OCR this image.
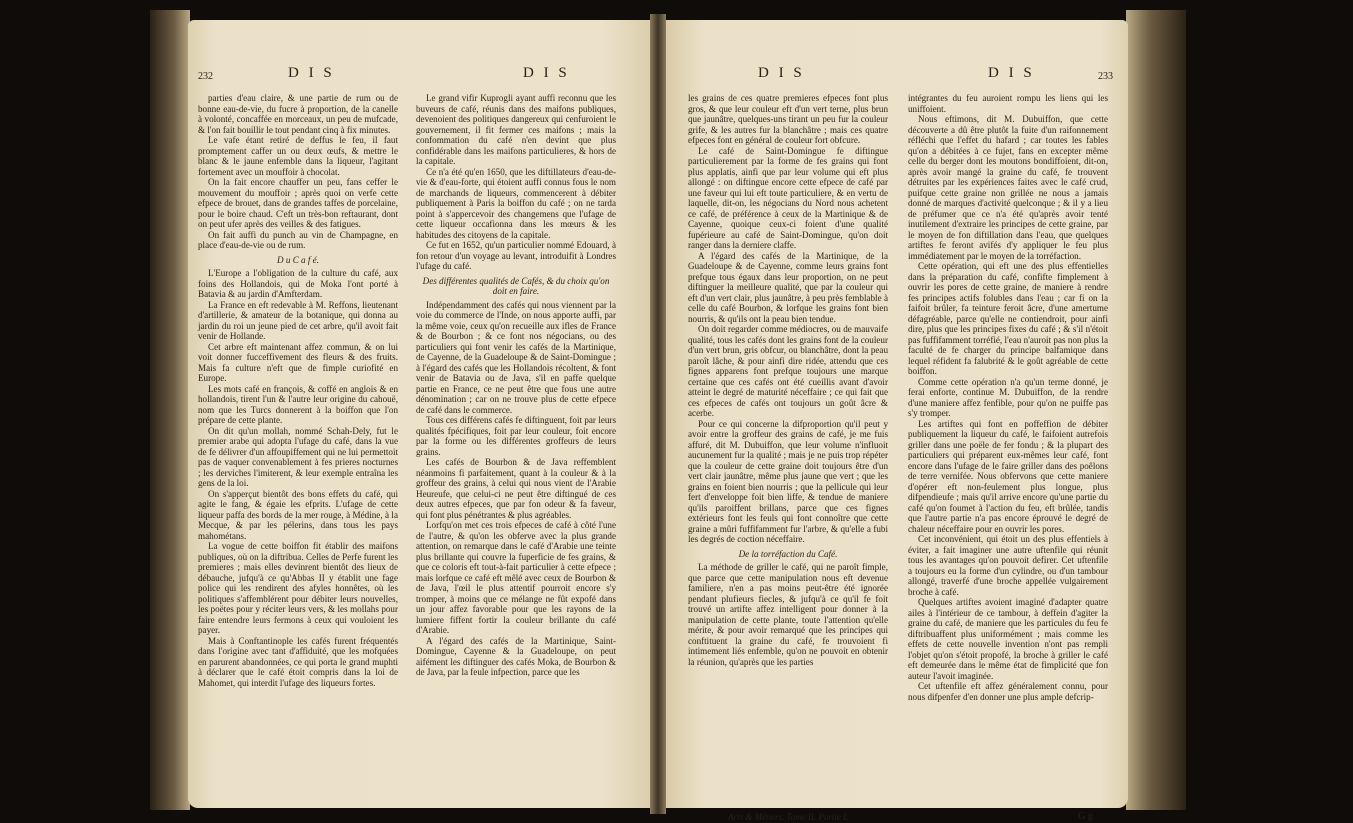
232	D I S	D I S

parties d'eau claire, & une partie de rum ou de bonne eau-de-vie, du fucre à proportion, de la canelle à volonté, concaffée en morceaux, un peu de mufcade, & l'on fait bouillir le tout pendant cinq à fix minutes.

Le vafe étant retiré de deffus le feu, il faut promptement caffer un ou deux œufs, & mettre le blanc & le jaune enfemble dans la liqueur, l'agitant fortement avec un mouffoir à chocolat.

On la fait encore chauffer un peu, fans ceffer le mouvement du mouffoir ; après quoi on verfe cette efpece de brouet, dans de grandes taffes de porcelaine, pour le boire chaud. C'eft un très-bon reftaurant, dont on peut ufer après des veilles & des fatigues.

On fait auffi du punch au vin de Champagne, en place d'eau-de-vie ou de rum.

D u C a f é.

L'Europe a l'obligation de la culture du café, aux foins des Hollandois, qui de Moka l'ont porté à Batavia & au jardin d'Amfterdam.

La France en eft redevable à M. Reffons, lieutenant d'artillerie, & amateur de la botanique, qui donna au jardin du roi un jeune pied de cet arbre, qu'il avoit fait venir de Hollande.

Cet arbre eft maintenant affez commun, & on lui voit donner fucceffivement des fleurs & des fruits. Mais fa culture n'eft que de fimple curiofité en Europe.

Les mots café en françois, & coffé en anglois & en hollandois, tirent l'un & l'autre leur origine du cahouë, nom que les Turcs donnerent à la boiffon que l'on prépare de cette plante.

On dit qu'un mollah, nommé Schah-Dely, fut le premier arabe qui adopta l'ufage du café, dans la vue de fe délivrer d'un affoupiffement qui ne lui permettoit pas de vaquer convenablement à fes prieres nocturnes ; les derviches l'imiterent, & leur exemple entraîna les gens de la loi.

On s'apperçut bientôt des bons effets du café, qui agite le fang, & égaie les efprits. L'ufage de cette liqueur paffa des bords de la mer rouge, à Médine, à la Mecque, & par les pélerins, dans tous les pays mahométans.

La vogue de cette boiffon fit établir des maifons publiques, où on la diftribua. Celles de Perfe furent les premieres ; mais elles devinrent bientôt des lieux de débauche, jufqu'à ce qu'Abbas II y établit une fage police qui les rendirent des afyles honnêtes, où les politiques s'affemblérent pour débiter leurs nouvelles, les poëtes pour y réciter leurs vers, & les mollahs pour faire entendre leurs fermons à ceux qui vouloient les payer.

Mais à Conftantinople les cafés furent fréquentés dans l'origine avec tant d'affiduité, que les mofquées en parurent abandonnées, ce qui porta le grand muphti à déclarer que le café étoit compris dans la loi de Mahomet, qui interdit l'ufage des liqueurs fortes.

Le grand vifir Kuprogli ayant auffi reconnu que les buveurs de café, réunis dans des maifons publiques, devenoient des politiques dangereux qui cenfuroient le gouvernement, il fit fermer ces maifons ; mais la confommation du café n'en devint que plus confidérable dans les maifons particulieres, & hors de la capitale.

Ce n'a été qu'en 1650, que les diftillateurs d'eau-de-vie & d'eau-forte, qui étoient auffi connus fous le nom de marchands de liqueurs, commencerent à débiter publiquement à Paris la boiffon du café ; on ne tarda point à s'appercevoir des changemens que l'ufage de cette liqueur occafionna dans les mœurs & les habitudes des citoyens de la capitale.

Ce fut en 1652, qu'un particulier nommé Edouard, à fon retour d'un voyage au levant, introduifit à Londres l'ufage du café.

Des différentes qualités de Cafés, & du choix qu'on doit en faire.

Indépendamment des cafés qui nous viennent par la voie du commerce de l'Inde, on nous apporte auffi, par la même voie, ceux qu'on recueille aux ifles de France & de Bourbon ; & ce font nos négocians, ou des particuliers qui font venir les cafés de la Martinique, de Cayenne, de la Guadeloupe & de Saint-Domingue ; à l'égard des cafés que les Hollandois récoltent, & font venir de Batavia ou de Java, s'il en paffe quelque partie en France, ce ne peut être que fous une autre dénomination ; car on ne trouve plus de cette efpece de café dans le commerce.

Tous ces différens cafés fe diftinguent, foit par leurs qualités fpécifiques, foit par leur couleur, foit encore par la forme ou les différentes groffeurs de leurs grains.

Les cafés de Bourbon & de Java reffemblent néanmoins fi parfaitement, quant à la couleur & à la groffeur des grains, à celui qui nous vient de l'Arabie Heureufe, que celui-ci ne peut être diftingué de ces deux autres efpeces, que par fon odeur & fa faveur, qui font plus pénétrantes & plus agréables.

Lorfqu'on met ces trois efpeces de café à côté l'une de l'autre, & qu'on les obferve avec la plus grande attention, on remarque dans le café d'Arabie une teinte plus brillante qui couvre la fuperficie de fes grains, & que ce coloris eft tout-à-fait particulier à cette efpece ; mais lorfque ce café eft mêlé avec ceux de Bourbon & de Java, l'œil le plus attentif pourroit encore s'y tromper, à moins que ce mélange ne fût expofé dans un jour affez favorable pour que les rayons de la lumiere fiffent fortir la couleur brillante du café d'Arabie.

A l'égard des cafés de la Martinique, Saint-Domingue, Cayenne & la Guadeloupe, on peut aifément les diftinguer des cafés Moka, de Bourbon & de Java, par la feule infpection, parce que les

D I S	D I S	233

les grains de ces quatre premieres efpeces font plus gros, & que leur couleur eft d'un vert terne, plus brun que jaunâtre, quelques-uns tirant un peu fur la couleur grife, & les autres fur la blanchâtre ; mais ces quatre efpeces font en général de couleur fort obfcure.

Le café de Saint-Domingue fe diftingue particulierement par la forme de fes grains qui font plus applatis, ainfi que par leur volume qui eft plus allongé : on diftingue encore cette efpece de café par une faveur qui lui eft toute particuliere, & en vertu de laquelle, dit-on, les négocians du Nord nous achetent ce café, de préférence à ceux de la Martinique & de Cayenne, quoique ceux-ci foient d'une qualité fupérieure au café de Saint-Domingue, qu'on doit ranger dans la derniere claffe.

A l'égard des cafés de la Martinique, de la Guadeloupe & de Cayenne, comme leurs grains font prefque tous égaux dans leur proportion, on ne peut diftinguer la meilleure qualité, que par la couleur qui eft d'un vert clair, plus jaunâtre, à peu près femblable à celle du café Bourbon, & lorfque les grains font bien nourris, & qu'ils ont la peau bien tendue.

On doit regarder comme médiocres, ou de mauvaife qualité, tous les cafés dont les grains font de la couleur d'un vert brun, gris obfcur, ou blanchâtre, dont la peau paroît lâche, & pour ainfi dire ridée, attendu que ces fignes apparens font prefque toujours une marque certaine que ces cafés ont été cueillis avant d'avoir atteint le degré de maturité néceffaire ; ce qui fait que ces efpeces de cafés ont toujours un goût âcre & acerbe.

Pour ce qui concerne la difproportion qu'il peut y avoir entre la groffeur des grains de café, je me fuis affuré, dit M. Dubuiffon, que leur volume n'influoit aucunement fur la qualité ; mais je ne puis trop répéter que la couleur de cette graine doit toujours être d'un vert clair jaunâtre, même plus jaune que vert ; que les grains en foient bien nourris ; que la pellicule qui leur fert d'enveloppe foit bien liffe, & tendue de maniere qu'ils paroiffent brillans, parce que ces fignes extérieurs font les feuls qui font connoître que cette graine a mûri fuffifamment fur l'arbre, & qu'elle a fubi les degrés de coction néceffaire.

De la torréfaction du Café.

La méthode de griller le café, qui ne paroît fimple, que parce que cette manipulation nous eft devenue familiere, n'en a pas moins peut-être été ignorée pendant plufieurs fiecles, & jufqu'à ce qu'il fe foit trouvé un artifte affez intelligent pour donner à la manipulation de cette plante, toute l'attention qu'elle mérite, & pour avoir remarqué que les principes qui conftituent la graine du café, fe trouvoient fi intimement liés enfemble, qu'on ne pouvoit en obtenir la réunion, qu'après que les parties

intégrantes du feu auroient rompu les liens qui les uniffoient.

Nous eftimons, dit M. Dubuiffon, que cette découverte a dû être plutôt la fuite d'un raifonnement réfléchi que l'effet du hafard ; car toutes les fables qu'on a débitées à ce fujet, fans en excepter même celle du berger dont les moutons bondiffoient, dit-on, après avoir mangé la graine du café, fe trouvent détruites par les expériences faites avec le café crud, puifque cette graine non grillée ne nous a jamais donné de marques d'activité quelconque ; & il y a lieu de préfumer que ce n'a été qu'après avoir tenté inutilement d'extraire les principes de cette graine, par le moyen de fon diftillation dans l'eau, que quelques artiftes fe feront avifés d'y appliquer le feu plus immédiatement par le moyen de la torréfaction.

Cette opération, qui eft une des plus effentielles dans la préparation du café, confifte fimplement à ouvrir les pores de cette graine, de maniere à rendre fes principes actifs folubles dans l'eau ; car fi on la faifoit brûler, fa teinture feroit âcre, d'une amertume défagréable, parce qu'elle ne contiendroit, pour ainfi dire, plus que les principes fixes du café ; & s'il n'étoit pas fuffifamment torréfié, l'eau n'auroit pas non plus la faculté de fe charger du principe balfamique dans lequel réfident fa falubrité & le goût agréable de cette boiffon.

Comme cette opération n'a qu'un terme donné, je ferai enforte, continue M. Dubuiffon, de la rendre d'une maniere affez fenfible, pour qu'on ne puiffe pas s'y tromper.

Les artiftes qui font en poffeffion de débiter publiquement la liqueur du café, le faifoient autrefois griller dans une poële de fer fondu ; & la plupart des particuliers qui préparent eux-mêmes leur café, font encore dans l'ufage de le faire griller dans des poêlons de terre vernifée. Nous obfervons que cette maniere d'opérer eft non-feulement plus longue, plus difpendieufe ; mais qu'il arrive encore qu'une partie du café qu'on foumet à l'action du feu, eft brûlée, tandis que l'autre partie n'a pas encore éprouvé le degré de chaleur néceffaire pour en ouvrir les pores.

Cet inconvénient, qui étoit un des plus effentiels à éviter, a fait imaginer une autre uftenfile qui réunit tous les avantages qu'on pouvoit defirer. Cet uftenfile a toujours eu la forme d'un cylindre, ou d'un tambour allongé, traverfé d'une broche appellée vulgairement broche à café.

Quelques artiftes avoient imaginé d'adapter quatre ailes à l'intérieur de ce tambour, à deffein d'agiter la graine du café, de maniere que les particules du feu fe diftribuaffent plus uniformément ; mais comme les effets de cette nouvelle invention n'ont pas rempli l'objet qu'on s'étoit propofé, la broche à griller le café eft demeurée dans le même état de fimplicité que fon auteur l'avoit imaginée.

Cet uftenfile eft affez généralement connu, pour nous difpenfer d'en donner une plus ample defcrip-

Arts & Métiers. Tome II. Partie I.	G g
